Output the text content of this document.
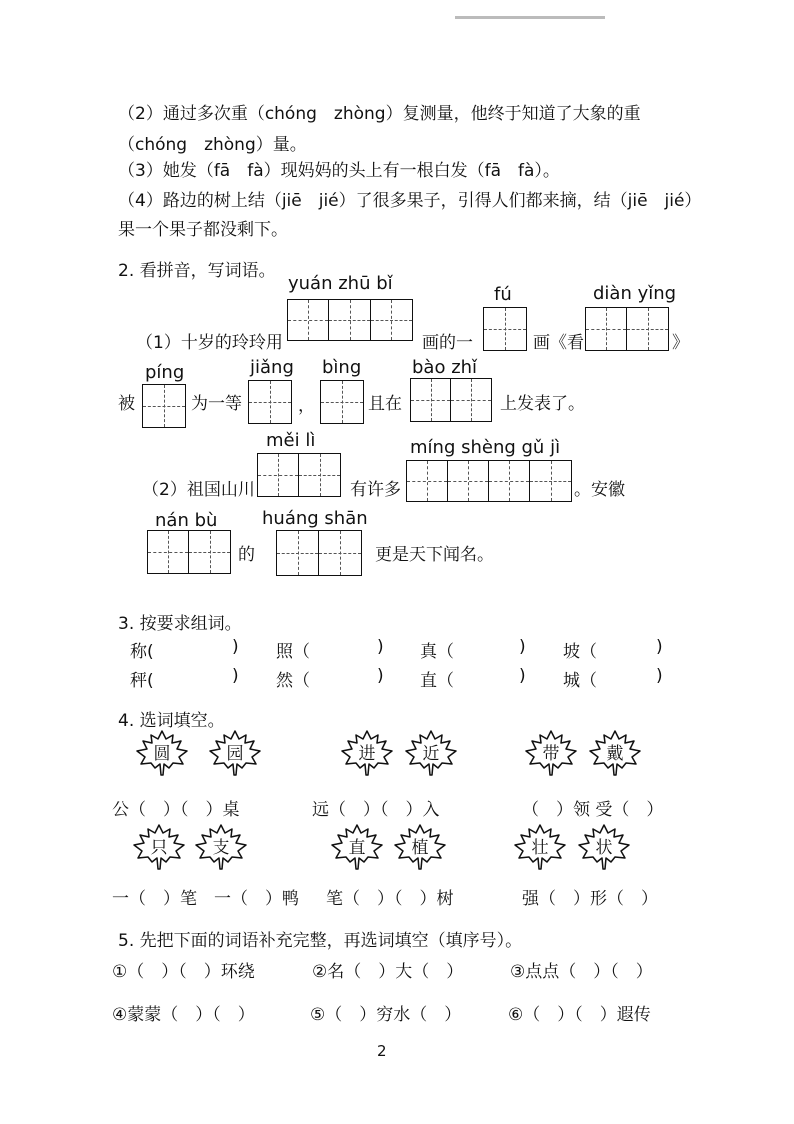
（2）通过多次重（chóng　zhòng）复测量，他终于知道了大象的重
（chóng　zhòng）量。
（3）她发（fā　fà）现妈妈的头上有一根白发（fā　fà）。
（4）路边的树上结（jiē　jié）了很多果子，引得人们都来摘，结（jiē　jié）
果一个果子都没剩下。
2. 看拼音，写词语。
yuán zhū bǐ
fú	diàn yǐng
（1）十岁的玲玲用	画的一	画《看	》
píng	jiǎng bìng	bào zhǐ
被	为一等	，	且在	上发表了。
měi lì	míng shèng gǔ jì
（2）祖国山川	有许多	。安徽
nán bù huáng shān
的	更是天下闻名。
3. 按要求组词。
称(	) 照（	) 真（	) 坡（	)
秤(	) 然（	) 直（	) 城（	)
4. 选词填空。
圆	园	进	近	带	戴
公（　）（　）桌	远（　）（　）入	（　）领 受（　）
只	支	直	植	壮	状
一（　）笔　一（　）鸭 笔（　）（　）树	强（　）形（　）
5. 先把下面的词语补充完整，再选词填空（填序号）。
①（　）（　）环绕	②名（　）大（　）	③点点（　）（　）
④蒙蒙（　）（　）	⑤（　）穷水（　）	⑥（　）（　）遐传
2
